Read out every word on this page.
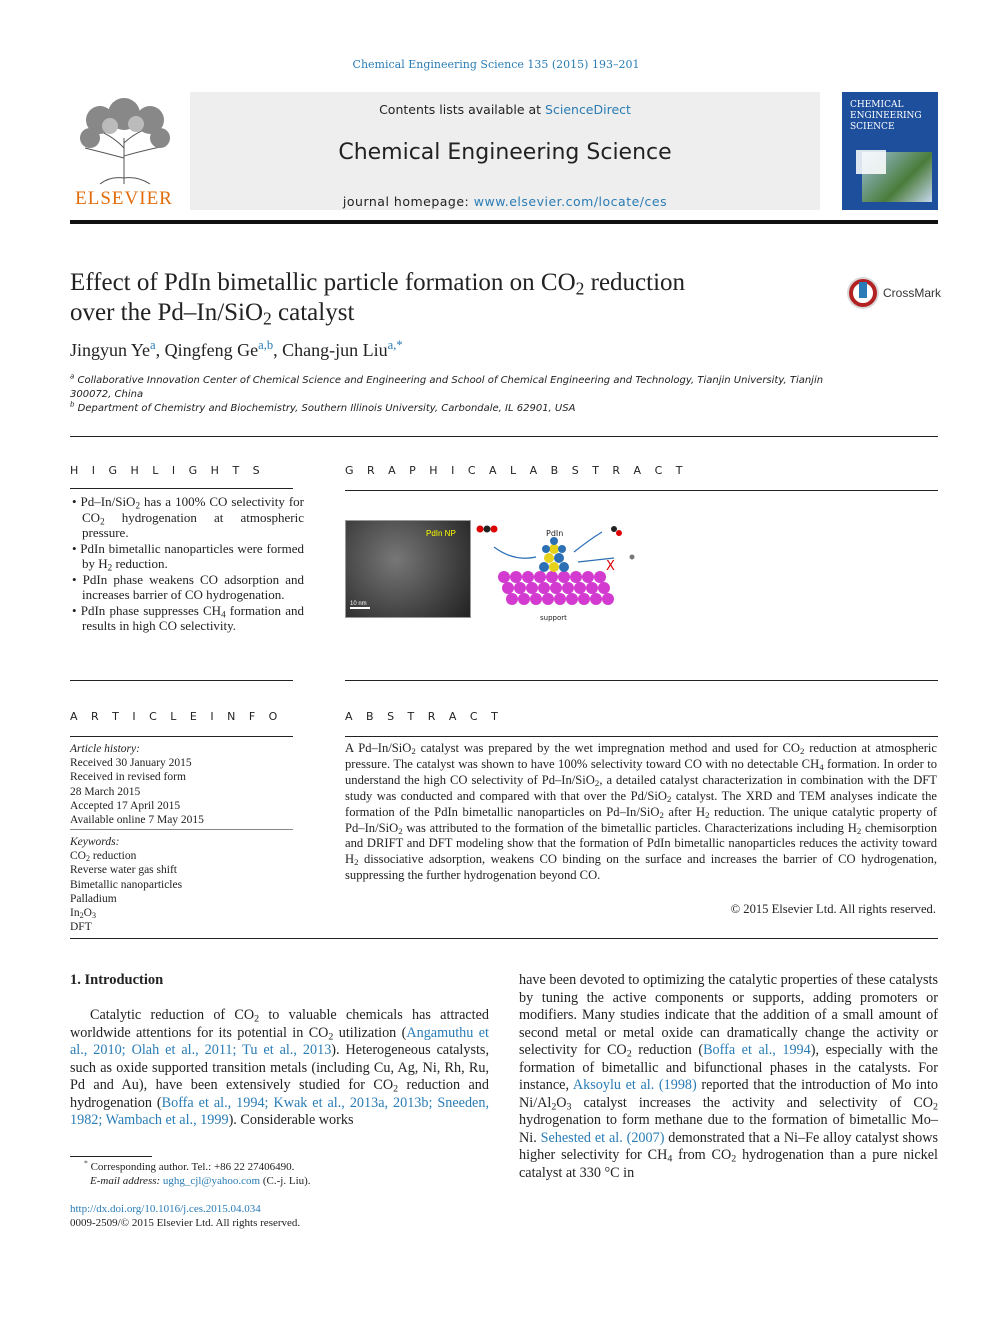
Chemical Engineering Science 135 (2015) 193–201
ELSEVIER
Contents lists available at ScienceDirect
Chemical Engineering Science
journal homepage: www.elsevier.com/locate/ces
CHEMICAL
ENGINEERING
SCIENCE
Effect of PdIn bimetallic particle formation on $CO_2$ reduction
over the Pd–In/SiO$_2$ catalyst
CrossMark
Jingyun Ye$^a$, Qingfeng Ge$^{a,b}$, Chang-jun Liu$^{a,*}$
$^a$ Collaborative Innovation Center of Chemical Science and Engineering and School of Chemical Engineering and Technology, Tianjin University, Tianjin 300072, China
$^b$ Department of Chemistry and Biochemistry, Southern Illinois University, Carbondale, IL 62901, USA
H I G H L I G H T S
• Pd–In/SiO$_2$ has a 100% CO selectivity for $CO_2$ hydrogenation at atmospheric pressure.
• PdIn bimetallic nanoparticles were formed by $H_2$ reduction.
• PdIn phase weakens CO adsorption and increases barrier of CO hydrogenation.
• PdIn phase suppresses $CH_4$ formation and results in high CO selectivity.
G R A P H I C A L A B S T R A C T
PdIn NP
10 nm
X
PdIn
support
A R T I C L E I N F O
Article history:
Received 30 January 2015
Received in revised form
28 March 2015
Accepted 17 April 2015
Available online 7 May 2015
Keywords:
$CO_2$ reduction
Reverse water gas shift
Bimetallic nanoparticles
Palladium
$In_2O_3$
DFT
A B S T R A C T
A Pd–In/SiO$_2$ catalyst was prepared by the wet impregnation method and used for $CO_2$ reduction at atmospheric pressure. The catalyst was shown to have 100% selectivity toward CO with no detectable $CH_4$ formation. In order to understand the high CO selectivity of Pd–In/SiO$_2$, a detailed catalyst characterization in combination with the DFT study was conducted and compared with that over the Pd/SiO$_2$ catalyst. The XRD and TEM analyses indicate the formation of the PdIn bimetallic nanoparticles on Pd–In/SiO$_2$ after $H_2$ reduction. The unique catalytic property of Pd–In/SiO$_2$ was attributed to the formation of the bimetallic particles. Characterizations including $H_2$ chemisorption and DRIFT and DFT modeling show that the formation of PdIn bimetallic nanoparticles reduces the activity toward $H_2$ dissociative adsorption, weakens CO binding on the surface and increases the barrier of CO hydrogenation, suppressing the further hydrogenation beyond CO.
© 2015 Elsevier Ltd. All rights reserved.
1. Introduction

Catalytic reduction of $CO_2$ to valuable chemicals has attracted worldwide attentions for its potential in $CO_2$ utilization (Angamuthu et al., 2010; Olah et al., 2011; Tu et al., 2013). Heterogeneous catalysts, such as oxide supported transition metals (including Cu, Ag, Ni, Rh, Ru, Pd and Au), have been extensively studied for $CO_2$ reduction and hydrogenation (Boffa et al., 1994; Kwak et al., 2013a, 2013b; Sneeden, 1982; Wambach et al., 1999). Considerable works

have been devoted to optimizing the catalytic properties of these catalysts by tuning the active components or supports, adding promoters or modifiers. Many studies indicate that the addition of a small amount of second metal or metal oxide can dramatically change the activity or selectivity for $CO_2$ reduction (Boffa et al., 1994), especially with the formation of bimetallic and bifunctional phases in the catalysts. For instance, Aksoylu et al. (1998) reported that the introduction of Mo into $Ni/Al_2O_3$ catalyst increases the activity and selectivity of $CO_2$ hydrogenation to form methane due to the formation of bimetallic Mo–Ni. Sehested et al. (2007) demonstrated that a Ni–Fe alloy catalyst shows higher selectivity for $CH_4$ from $CO_2$ hydrogenation than a pure nickel catalyst at 330 °C in

* Corresponding author. Tel.: +86 22 27406490.
E-mail address: ughg_cjl@yahoo.com (C.-j. Liu).
http://dx.doi.org/10.1016/j.ces.2015.04.034
0009-2509/© 2015 Elsevier Ltd. All rights reserved.
